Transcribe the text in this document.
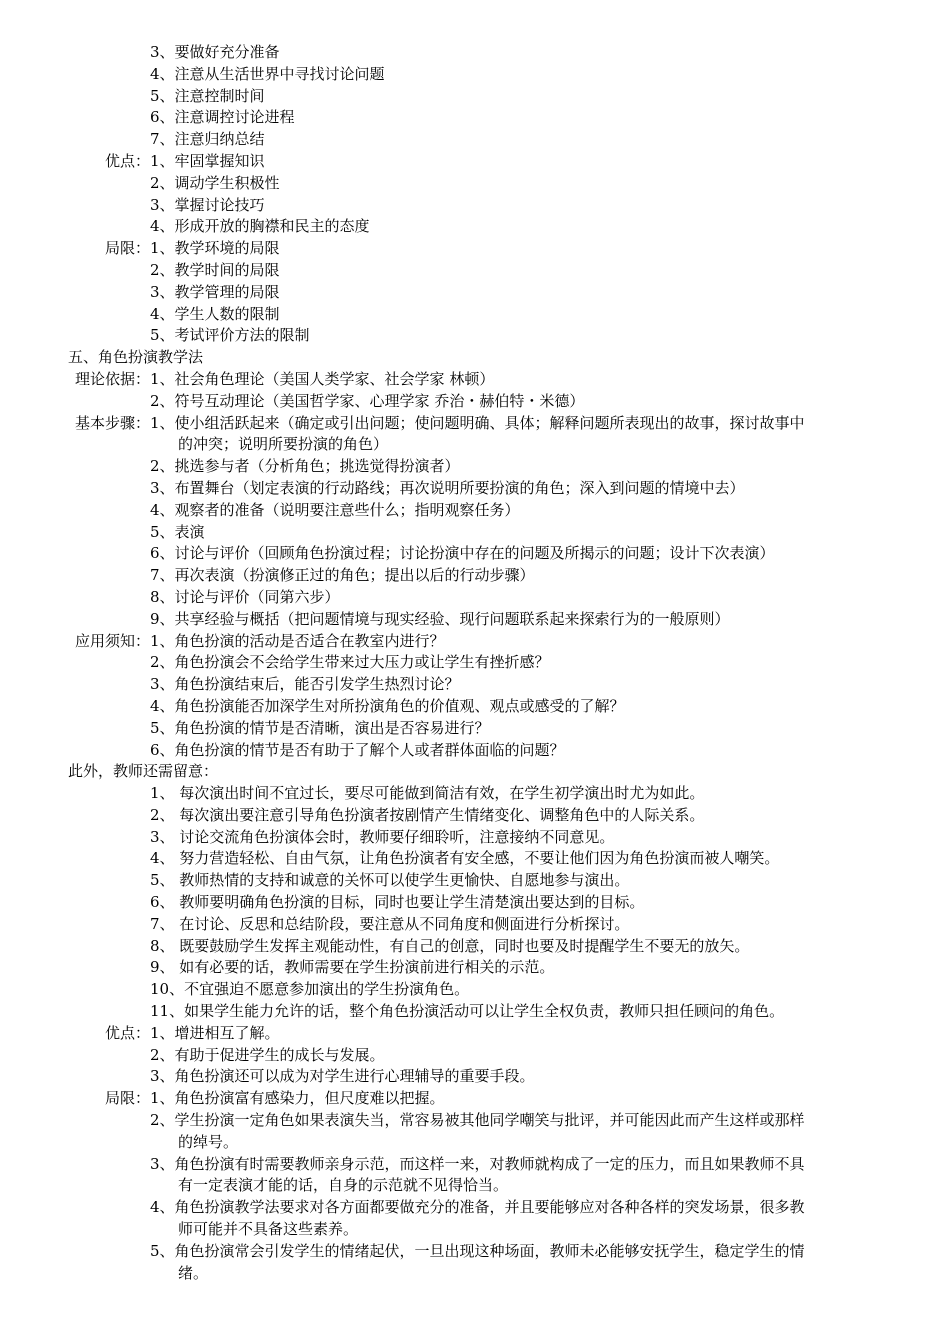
3、要做好充分准备
4、注意从生活世界中寻找讨论问题
5、注意控制时间
6、注意调控讨论进程
7、注意归纳总结
优点： 1、牢固掌握知识
2、调动学生积极性
3、掌握讨论技巧
4、形成开放的胸襟和民主的态度
局限： 1、教学环境的局限
2、教学时间的局限
3、教学管理的局限
4、学生人数的限制
5、考试评价方法的限制
五、角色扮演教学法
理论依据： 1、社会角色理论（美国人类学家、社会学家 林顿）
2、符号互动理论（美国哲学家、心理学家 乔治・赫伯特・米德）
基本步骤： 1、使小组活跃起来（确定或引出问题；使问题明确、具体；解释问题所表现出的故事，探讨故事中
的冲突；说明所要扮演的角色）
2、挑选参与者（分析角色；挑选觉得扮演者）
3、布置舞台（划定表演的行动路线；再次说明所要扮演的角色；深入到问题的情境中去）
4、观察者的准备（说明要注意些什么；指明观察任务）
5、表演
6、讨论与评价（回顾角色扮演过程；讨论扮演中存在的问题及所揭示的问题；设计下次表演）
7、再次表演（扮演修正过的角色；提出以后的行动步骤）
8、讨论与评价（同第六步）
9、共享经验与概括（把问题情境与现实经验、现行问题联系起来探索行为的一般原则）
应用须知： 1、角色扮演的活动是否适合在教室内进行？
2、角色扮演会不会给学生带来过大压力或让学生有挫折感？
3、角色扮演结束后，能否引发学生热烈讨论？
4、角色扮演能否加深学生对所扮演角色的价值观、观点或感受的了解？
5、角色扮演的情节是否清晰，演出是否容易进行？
6、角色扮演的情节是否有助于了解个人或者群体面临的问题？
此外，教师还需留意：
1、 每次演出时间不宜过长，要尽可能做到简洁有效，在学生初学演出时尤为如此。
2、 每次演出要注意引导角色扮演者按剧情产生情绪变化、调整角色中的人际关系。
3、 讨论交流角色扮演体会时，教师要仔细聆听，注意接纳不同意见。
4、 努力营造轻松、自由气氛，让角色扮演者有安全感，不要让他们因为角色扮演而被人嘲笑。
5、 教师热情的支持和诚意的关怀可以使学生更愉快、自愿地参与演出。
6、 教师要明确角色扮演的目标，同时也要让学生清楚演出要达到的目标。
7、 在讨论、反思和总结阶段，要注意从不同角度和侧面进行分析探讨。
8、 既要鼓励学生发挥主观能动性，有自己的创意，同时也要及时提醒学生不要无的放矢。
9、 如有必要的话，教师需要在学生扮演前进行相关的示范。
10、不宜强迫不愿意参加演出的学生扮演角色。
11、如果学生能力允许的话，整个角色扮演活动可以让学生全权负责，教师只担任顾问的角色。
优点： 1、增进相互了解。
2、有助于促进学生的成长与发展。
3、角色扮演还可以成为对学生进行心理辅导的重要手段。
局限： 1、角色扮演富有感染力，但尺度难以把握。
2、学生扮演一定角色如果表演失当，常容易被其他同学嘲笑与批评，并可能因此而产生这样或那样
的绰号。
3、角色扮演有时需要教师亲身示范，而这样一来，对教师就构成了一定的压力，而且如果教师不具
有一定表演才能的话，自身的示范就不见得恰当。
4、角色扮演教学法要求对各方面都要做充分的准备，并且要能够应对各种各样的突发场景，很多教
师可能并不具备这些素养。
5、角色扮演常会引发学生的情绪起伏，一旦出现这种场面，教师未必能够安抚学生，稳定学生的情
绪。
